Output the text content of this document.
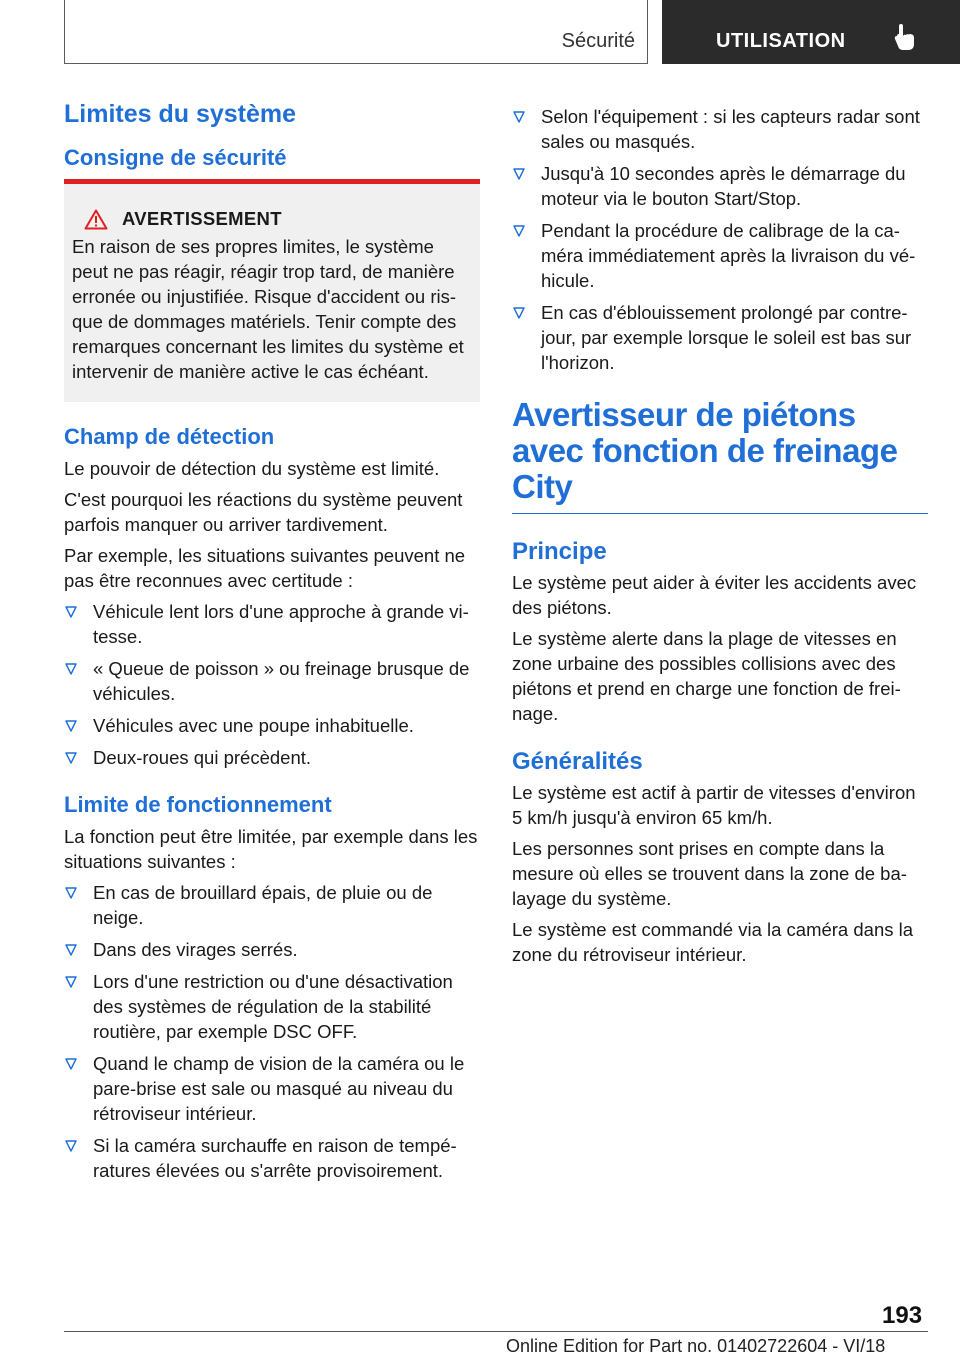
Sécurité	UTILISATION
Limites du système
Consigne de sécurité
AVERTISSEMENT

En raison de ses propres limites, le système peut ne pas réagir, réagir trop tard, de manière erronée ou injustifiée. Risque d'accident ou ris-que de dommages matériels. Tenir compte des remarques concernant les limites du système et intervenir de manière active le cas échéant.

Champ de détection

Le pouvoir de détection du système est limité.

C'est pourquoi les réactions du système peuvent parfois manquer ou arriver tardivement.

Par exemple, les situations suivantes peuvent ne pas être reconnues avec certitude :

Véhicule lent lors d'une approche à grande vi-tesse.
« Queue de poisson » ou freinage brusque de véhicules.
Véhicules avec une poupe inhabituelle.
Deux-roues qui précèdent.
Limite de fonctionnement

La fonction peut être limitée, par exemple dans les situations suivantes :

En cas de brouillard épais, de pluie ou de neige.
Dans des virages serrés.
Lors d'une restriction ou d'une désactivation des systèmes de régulation de la stabilité routière, par exemple DSC OFF.
Quand le champ de vision de la caméra ou le pare-brise est sale ou masqué au niveau du rétroviseur intérieur.
Si la caméra surchauffe en raison de tempé-ratures élevées ou s'arrête provisoirement.
Selon l'équipement : si les capteurs radar sont sales ou masqués.
Jusqu'à 10 secondes après le démarrage du moteur via le bouton Start/Stop.
Pendant la procédure de calibrage de la ca-méra immédiatement après la livraison du vé-hicule.
En cas d'éblouissement prolongé par contre-jour, par exemple lorsque le soleil est bas sur l'horizon.
Avertisseur de piétons avec fonction de freinage City
Principe

Le système peut aider à éviter les accidents avec des piétons.

Le système alerte dans la plage de vitesses en zone urbaine des possibles collisions avec des piétons et prend en charge une fonction de frei-nage.

Généralités

Le système est actif à partir de vitesses d'environ 5 km/h jusqu'à environ 65 km/h.

Les personnes sont prises en compte dans la mesure où elles se trouvent dans la zone de ba-layage du système.

Le système est commandé via la caméra dans la zone du rétroviseur intérieur.

193
Online Edition for Part no. 01402722604 - VI/18
